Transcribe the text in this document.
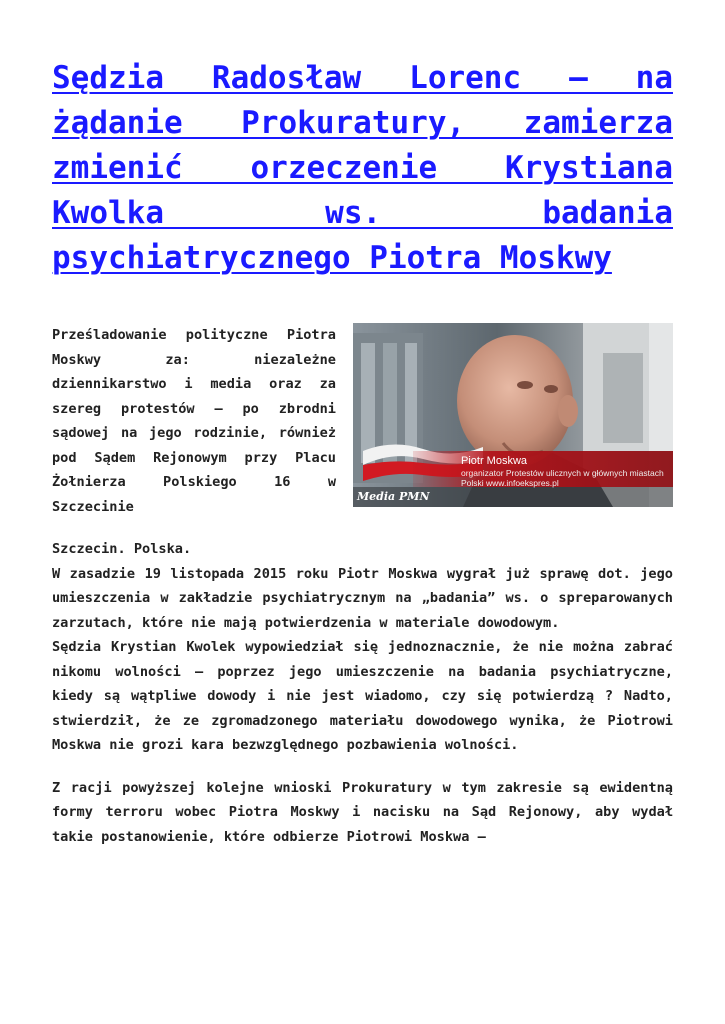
Sędzia Radosław Lorenc – na żądanie Prokuratury, zamierza zmienić orzeczenie Krystiana Kwolka ws. badania psychiatrycznego Piotra Moskwy

Prześladowanie polityczne Piotra Moskwy za: niezależne dziennikarstwo i media oraz za szereg protestów – po zbrodni sądowej na jego rodzinie, również pod Sądem Rejonowym przy Placu Żołnierza Polskiego 16 w Szczecinie

Piotr Moskwa
organizator Protestów ulicznych w głównych miastach Polski www.infoekspres.pl
Media PMN

Szczecin. Polska.
W zasadzie 19 listopada 2015 roku Piotr Moskwa wygrał już sprawę dot. jego umieszczenia w zakładzie psychiatrycznym na „badania” ws. o spreparowanych zarzutach, które nie mają potwierdzenia w materiale dowodowym.
Sędzia Krystian Kwolek wypowiedział się jednoznacznie, że nie można zabrać nikomu wolności – poprzez jego umieszczenie na badania psychiatryczne, kiedy są wątpliwe dowody i nie jest wiadomo, czy się potwierdzą ? Nadto, stwierdził, że ze zgromadzonego materiału dowodowego wynika, że Piotrowi Moskwa nie grozi kara bezwzględnego pozbawienia wolności.

Z racji powyższej kolejne wnioski Prokuratury w tym zakresie są ewidentną formy terroru wobec Piotra Moskwy i nacisku na Sąd Rejonowy, aby wydał takie postanowienie, które odbierze Piotrowi Moskwa –
